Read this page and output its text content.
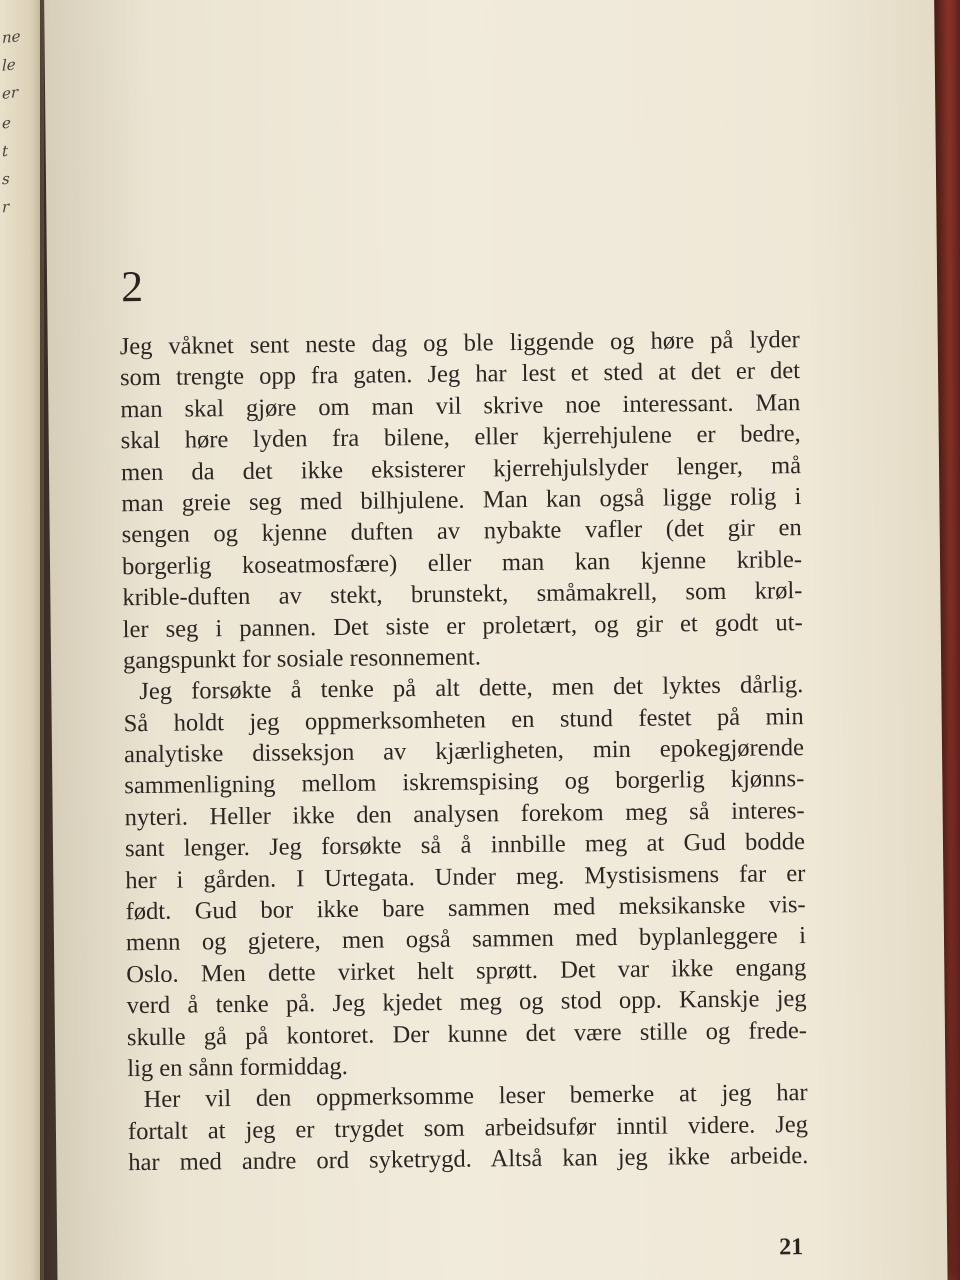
ne
le
er
e
t
s
r
2
Jeg våknet sent neste dag og ble liggende og høre på lyder
som trengte opp fra gaten. Jeg har lest et sted at det er det
man skal gjøre om man vil skrive noe interessant. Man
skal høre lyden fra bilene, eller kjerrehjulene er bedre,
men da det ikke eksisterer kjerrehjulslyder lenger, må
man greie seg med bilhjulene. Man kan også ligge rolig i
sengen og kjenne duften av nybakte vafler (det gir en
borgerlig koseatmosfære) eller man kan kjenne krible-
krible-duften av stekt, brunstekt, småmakrell, som krøl-
ler seg i pannen. Det siste er proletært, og gir et godt ut-
gangspunkt for sosiale resonnement.
Jeg forsøkte å tenke på alt dette, men det lyktes dårlig.
Så holdt jeg oppmerksomheten en stund festet på min
analytiske disseksjon av kjærligheten, min epokegjørende
sammenligning mellom iskremspising og borgerlig kjønns-
nyteri. Heller ikke den analysen forekom meg så interes-
sant lenger. Jeg forsøkte så å innbille meg at Gud bodde
her i gården. I Urtegata. Under meg. Mystisismens far er
født. Gud bor ikke bare sammen med meksikanske vis-
menn og gjetere, men også sammen med byplanleggere i
Oslo. Men dette virket helt sprøtt. Det var ikke engang
verd å tenke på. Jeg kjedet meg og stod opp. Kanskje jeg
skulle gå på kontoret. Der kunne det være stille og frede-
lig en sånn formiddag.
Her vil den oppmerksomme leser bemerke at jeg har
fortalt at jeg er trygdet som arbeidsufør inntil videre. Jeg
har med andre ord syketrygd. Altså kan jeg ikke arbeide.
21
